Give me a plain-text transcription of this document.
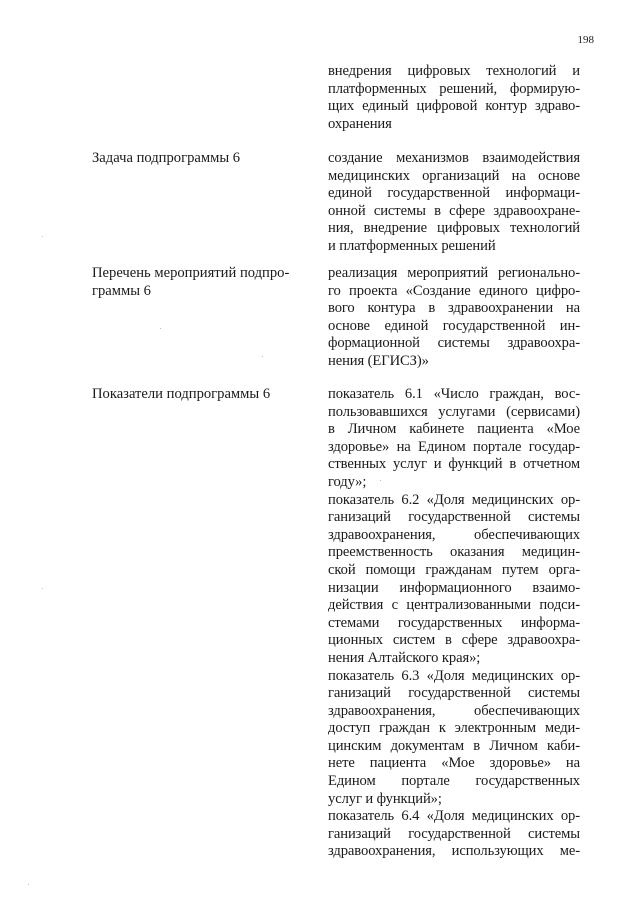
198

внедрения цифровых технологий и

платформенных решений, формирую-

щих единый цифровой контур здраво-

охранения

Задача подпрограммы 6	создание механизмов взаимодействия

медицинских организаций на основе

единой государственной информаци-

онной системы в сфере здравоохране-

ния, внедрение цифровых технологий

и платформенных решений

Перечень мероприятий подпро-
граммы 6

реализация мероприятий регионально-

го проекта «Создание единого цифро-

вого контура в здравоохранении на

основе единой государственной ин-

формационной системы здравоохра-

нения (ЕГИСЗ)»

Показатели подпрограммы 6	показатель 6.1 «Число граждан, вос-

пользовавшихся услугами (сервисами)

в Личном кабинете пациента «Мое

здоровье» на Едином портале государ-

ственных услуг и функций в отчетном

году»;

показатель 6.2 «Доля медицинских ор-

ганизаций государственной системы

здравоохранения, обеспечивающих

преемственность оказания медицин-

ской помощи гражданам путем орга-

низации информационного взаимо-

действия с централизованными подси-

стемами государственных информа-

ционных систем в сфере здравоохра-

нения Алтайского края»;

показатель 6.3 «Доля медицинских ор-

ганизаций государственной системы

здравоохранения, обеспечивающих

доступ граждан к электронным меди-

цинским документам в Личном каби-

нете пациента «Мое здоровье» на

Едином портале государственных

услуг и функций»;

показатель 6.4 «Доля медицинских ор-

ганизаций государственной системы

здравоохранения, использующих ме-
